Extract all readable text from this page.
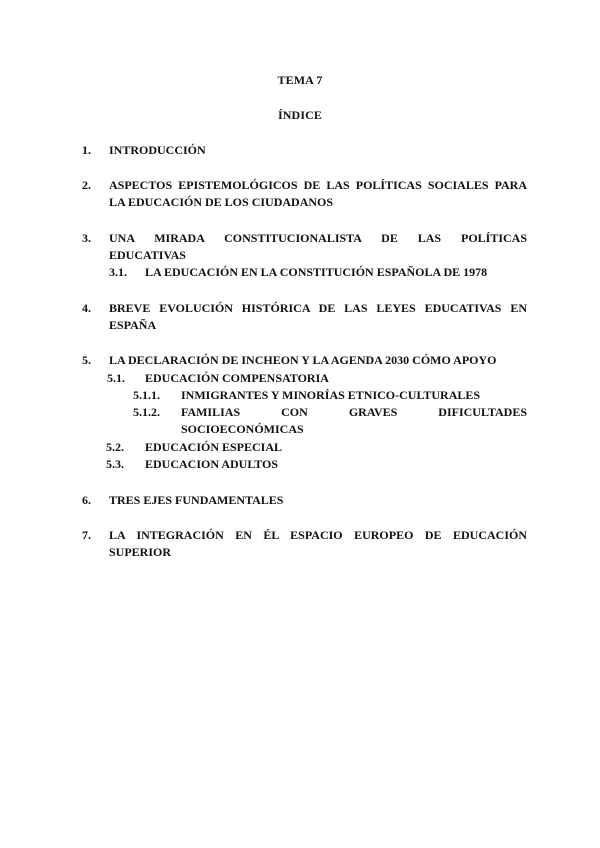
TEMA 7
ÍNDICE
1. INTRODUCCIÓN
2. ASPECTOS EPISTEMOLÓGICOS DE LAS POLÍTICAS SOCIALES PARA
LA EDUCACIÓN DE LOS CIUDADANOS
3. UNA MIRADA CONSTITUCIONALISTA DE LAS POLÍTICAS
EDUCATIVAS
3.1. LA EDUCACIÓN EN LA CONSTITUCIÓN ESPAÑOLA DE 1978
4. BREVE EVOLUCIÓN HISTÓRICA DE LAS LEYES EDUCATIVAS EN
ESPAÑA
5. LA DECLARACIÓN DE INCHEON Y LA AGENDA 2030 CÓMO APOYO
5.1. EDUCACIÓN COMPENSATORIA
5.1.1. INMIGRANTES Y MINORÍAS ETNICO-CULTURALES
5.1.2. FAMILIAS CON GRAVES DIFICULTADES
SOCIOECONÓMICAS
5.2. EDUCACIÓN ESPECIAL
5.3. EDUCACION ADULTOS
6. TRES EJES FUNDAMENTALES
7. LA INTEGRACIÓN EN ÉL ESPACIO EUROPEO DE EDUCACIÓN
SUPERIOR
